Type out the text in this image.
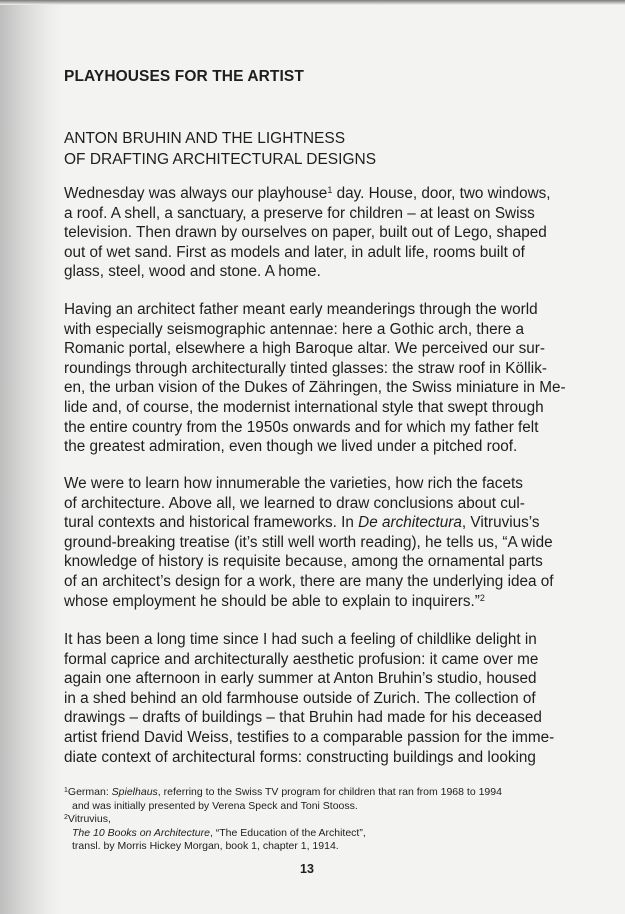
PLAYHOUSES FOR THE ARTIST
ANTON BRUHIN AND THE LIGHTNESS
OF DRAFTING ARCHITECTURAL DESIGNS

Wednesday was always our playhouse$^1$ day. House, door, two windows,
a roof. A shell, a sanctuary, a preserve for children – at least on Swiss
television. Then drawn by ourselves on paper, built out of Lego, shaped
out of wet sand. First as models and later, in adult life, rooms built of
glass, steel, wood and stone. A home.

Having an architect father meant early meanderings through the world
with especially seismographic antennae: here a Gothic arch, there a
Romanic portal, elsewhere a high Baroque altar. We perceived our sur-
roundings through architecturally tinted glasses: the straw roof in Köllik-
en, the urban vision of the Dukes of Zähringen, the Swiss miniature in Me-
lide and, of course, the modernist international style that swept through
the entire country from the 1950s onwards and for which my father felt
the greatest admiration, even though we lived under a pitched roof.

We were to learn how innumerable the varieties, how rich the facets
of architecture. Above all, we learned to draw conclusions about cul-
tural contexts and historical frameworks. In De architectura, Vitruvius’s
ground-breaking treatise (it’s still well worth reading), he tells us, “A wide
knowledge of history is requisite because, among the ornamental parts
of an architect’s design for a work, there are many the underlying idea of
whose employment he should be able to explain to inquirers.”$^2$

It has been a long time since I had such a feeling of childlike delight in
formal caprice and architecturally aesthetic profusion: it came over me
again one afternoon in early summer at Anton Bruhin’s studio, housed
in a shed behind an old farmhouse outside of Zurich. The collection of
drawings – drafts of buildings – that Bruhin had made for his deceased
artist friend David Weiss, testifies to a comparable passion for the imme-
diate context of architectural forms: constructing buildings and looking

$^1$German: Spielhaus, referring to the Swiss TV program for children that ran from 1968 to 1994
and was initially presented by Verena Speck and Toni Stooss.
$^2$Vitruvius,
The 10 Books on Architecture, “The Education of the Architect”,
transl. by Morris Hickey Morgan, book 1, chapter 1, 1914.
13
